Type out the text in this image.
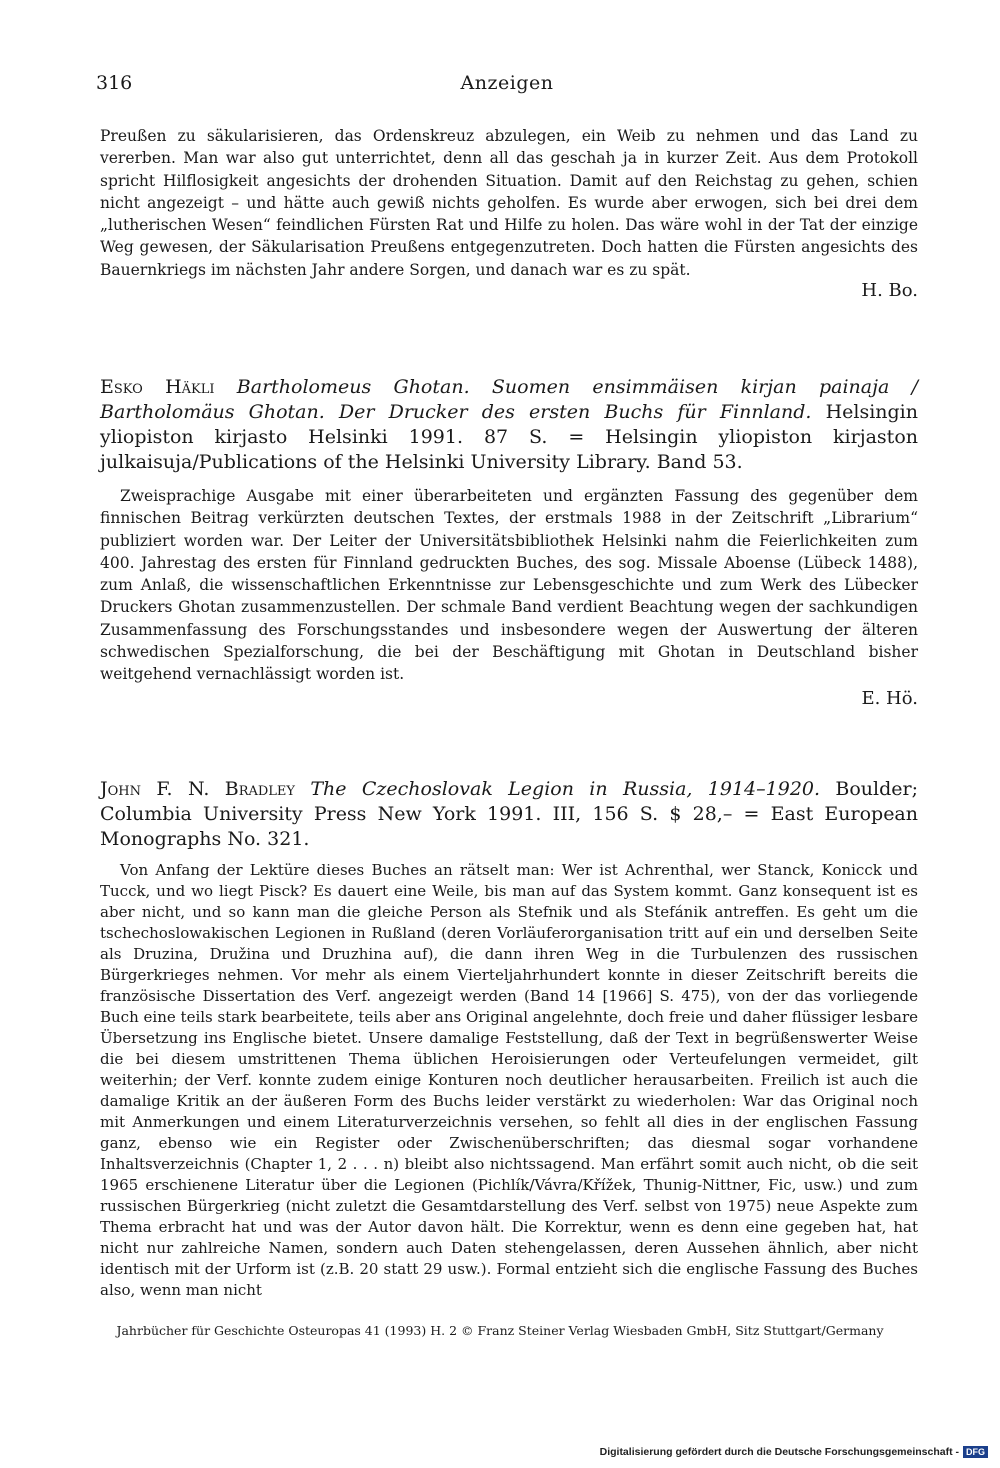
316	Anzeigen

Preußen zu säkularisieren, das Ordenskreuz abzulegen, ein Weib zu nehmen und das Land zu vererben. Man war also gut unterrichtet, denn all das geschah ja in kurzer Zeit. Aus dem Protokoll spricht Hilflosigkeit angesichts der drohenden Situation. Damit auf den Reichstag zu gehen, schien nicht angezeigt – und hätte auch gewiß nichts geholfen. Es wurde aber erwogen, sich bei drei dem „lutherischen Wesen“ feindlichen Fürsten Rat und Hilfe zu holen. Das wäre wohl in der Tat der einzige Weg gewesen, der Säkularisation Preußens entgegenzutreten. Doch hatten die Fürsten angesichts des Bauernkriegs im nächsten Jahr andere Sorgen, und danach war es zu spät.

H. Bo.

Esko Häkli Bartholomeus Ghotan. Suomen ensimmäisen kirjan painaja / Bartholomäus Ghotan. Der Drucker des ersten Buchs für Finnland. Helsingin yliopiston kirjasto Helsinki 1991. 87 S. = Helsingin yliopiston kirjaston julkaisuja/Publications of the Helsinki University Library. Band 53.

Zweisprachige Ausgabe mit einer überarbeiteten und ergänzten Fassung des gegenüber dem finnischen Beitrag verkürzten deutschen Textes, der erstmals 1988 in der Zeitschrift „Librarium“ publiziert worden war. Der Leiter der Universitätsbibliothek Helsinki nahm die Feierlichkeiten zum 400. Jahrestag des ersten für Finnland gedruckten Buches, des sog. Missale Aboense (Lübeck 1488), zum Anlaß, die wissenschaftlichen Erkenntnisse zur Lebensgeschichte und zum Werk des Lübecker Druckers Ghotan zusammenzustellen. Der schmale Band verdient Beachtung wegen der sachkundigen Zusammenfassung des Forschungsstandes und insbesondere wegen der Auswertung der älteren schwedischen Spezialforschung, die bei der Beschäftigung mit Ghotan in Deutschland bisher weitgehend vernachlässigt worden ist.

E. Hö.

John F. N. Bradley The Czechoslovak Legion in Russia, 1914–1920. Boulder; Columbia University Press New York 1991. III, 156 S. $ 28,– = East European Monographs No. 321.

Von Anfang der Lektüre dieses Buches an rätselt man: Wer ist Achrenthal, wer Stanck, Konicck und Tucck, und wo liegt Pisck? Es dauert eine Weile, bis man auf das System kommt. Ganz konsequent ist es aber nicht, und so kann man die gleiche Person als Stefnik und als Stefánik antreffen. Es geht um die tschechoslowakischen Legionen in Rußland (deren Vorläuferorganisation tritt auf ein und derselben Seite als Druzina, Družina und Druzhina auf), die dann ihren Weg in die Turbulenzen des russischen Bürgerkrieges nehmen. Vor mehr als einem Vierteljahrhundert konnte in dieser Zeitschrift bereits die französische Dissertation des Verf. angezeigt werden (Band 14 [1966] S. 475), von der das vorliegende Buch eine teils stark bearbeitete, teils aber ans Original angelehnte, doch freie und daher flüssiger lesbare Übersetzung ins Englische bietet. Unsere damalige Feststellung, daß der Text in begrüßenswerter Weise die bei diesem umstrittenen Thema üblichen Heroisierungen oder Verteufelungen vermeidet, gilt weiterhin; der Verf. konnte zudem einige Konturen noch deutlicher herausarbeiten. Freilich ist auch die damalige Kritik an der äußeren Form des Buchs leider verstärkt zu wiederholen: War das Original noch mit Anmerkungen und einem Literaturverzeichnis versehen, so fehlt all dies in der englischen Fassung ganz, ebenso wie ein Register oder Zwischenüberschriften; das diesmal sogar vorhandene Inhaltsverzeichnis (Chapter 1, 2 . . . n) bleibt also nichtssagend. Man erfährt somit auch nicht, ob die seit 1965 erschienene Literatur über die Legionen (Pichlík/Vávra/Křížek, Thunig-Nittner, Fic, usw.) und zum russischen Bürgerkrieg (nicht zuletzt die Gesamtdarstellung des Verf. selbst von 1975) neue Aspekte zum Thema erbracht hat und was der Autor davon hält. Die Korrektur, wenn es denn eine gegeben hat, hat nicht nur zahlreiche Namen, sondern auch Daten stehengelassen, deren Aussehen ähnlich, aber nicht identisch mit der Urform ist (z.B. 20 statt 29 usw.). Formal entzieht sich die englische Fassung des Buches also, wenn man nicht

Jahrbücher für Geschichte Osteuropas 41 (1993) H. 2 © Franz Steiner Verlag Wiesbaden GmbH, Sitz Stuttgart/Germany
Digitalisierung gefördert durch die Deutsche Forschungsgemeinschaft - DFG
